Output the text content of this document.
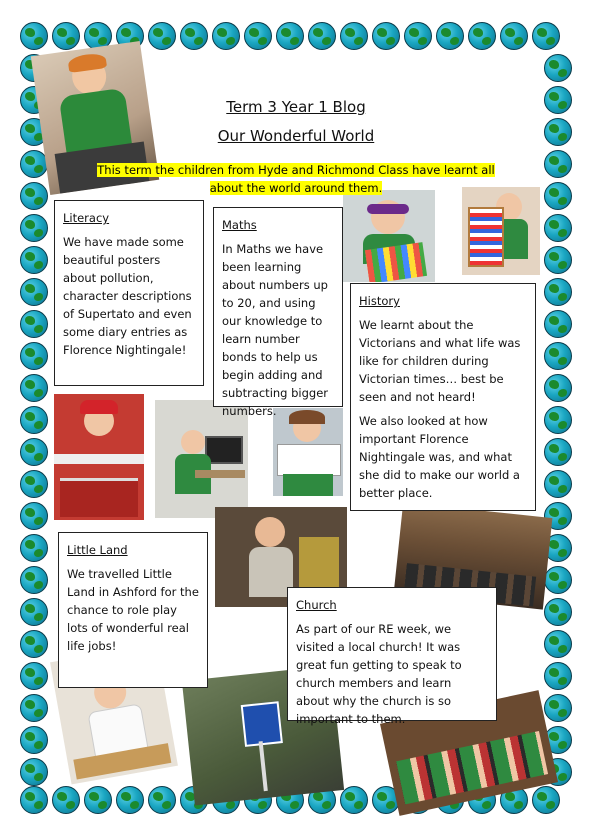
Term 3 Year 1 Blog
Our Wonderful World
This term the children from Hyde and Richmond Class have learnt all
about the world around them.
Literacy

We have made some beautiful posters about pollution, character descriptions of Supertato and even some diary entries as Florence Nightingale!

Maths

In Maths we have been learning about numbers up to 20, and using our knowledge to learn number bonds to help us begin adding and subtracting bigger numbers.

History

We learnt about the Victorians and what life was like for children during Victorian times… best be seen and not heard!

We also looked at how important Florence Nightingale was, and what she did to make our world a better place.

Little Land

We travelled Little Land in Ashford for the chance to role play lots of wonderful real life jobs!

Church

As part of our RE week, we visited a local church! It was great fun getting to speak to church members and learn about why the church is so important to them.
